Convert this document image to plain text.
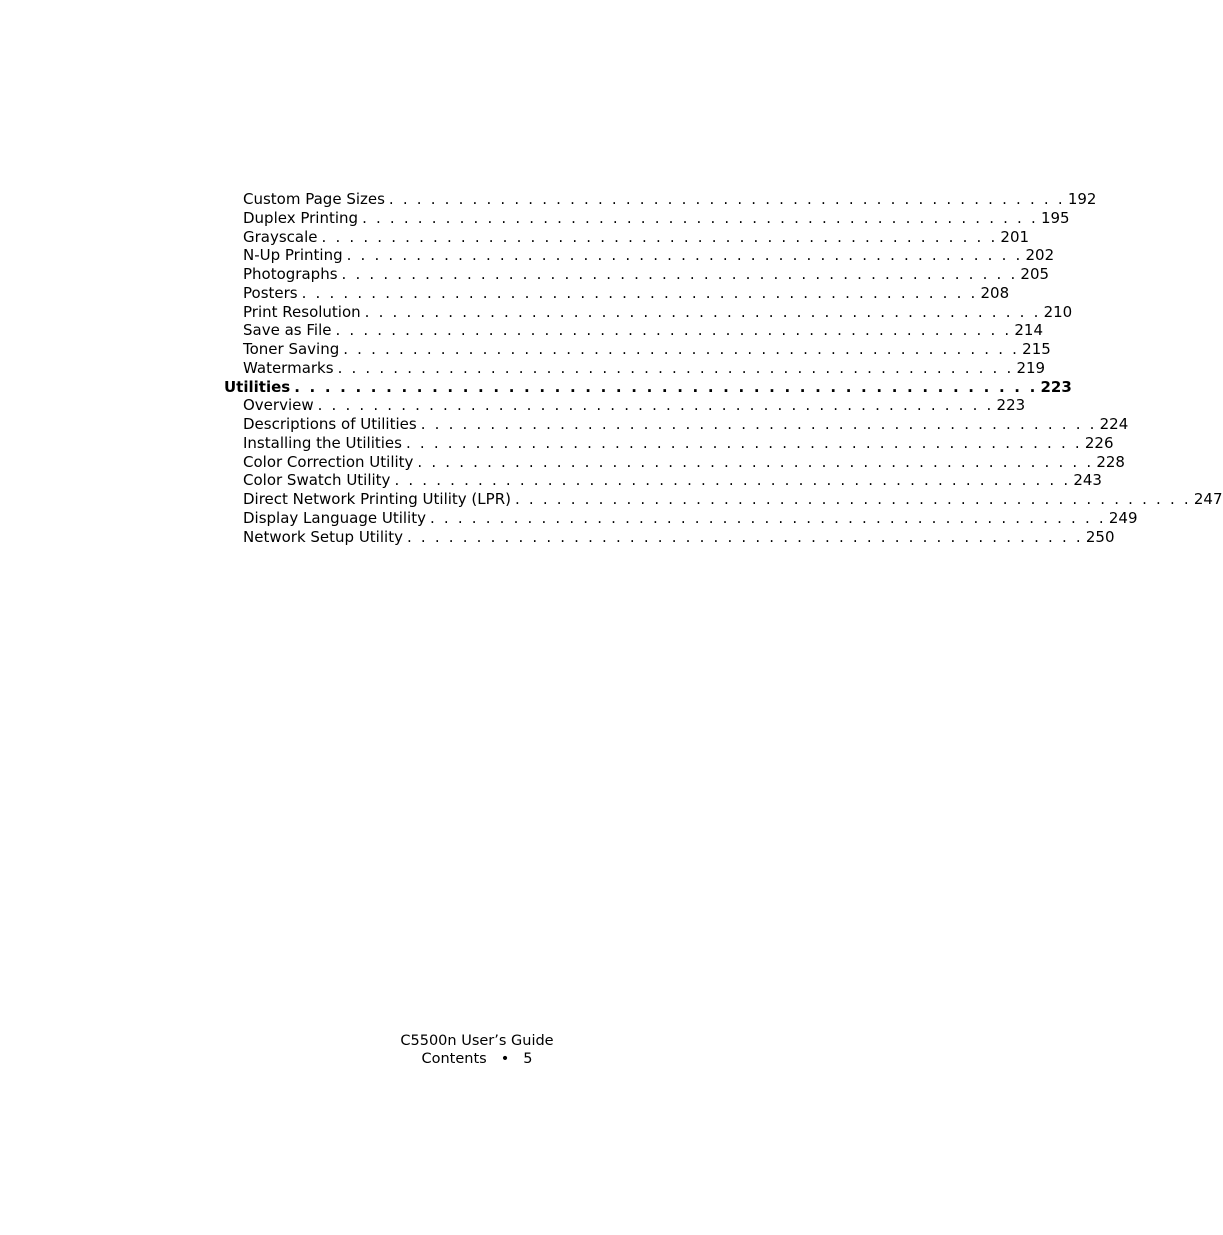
Custom Page Sizes . . . . . . . . . . . . . . . . . . . . . . . . . . . . . . . . . . . . . . . . . . . . . . . . . 192
Duplex Printing . . . . . . . . . . . . . . . . . . . . . . . . . . . . . . . . . . . . . . . . . . . . . . . . . 195
Grayscale . . . . . . . . . . . . . . . . . . . . . . . . . . . . . . . . . . . . . . . . . . . . . . . . . 201
N-Up Printing . . . . . . . . . . . . . . . . . . . . . . . . . . . . . . . . . . . . . . . . . . . . . . . . . 202
Photographs . . . . . . . . . . . . . . . . . . . . . . . . . . . . . . . . . . . . . . . . . . . . . . . . . 205
Posters . . . . . . . . . . . . . . . . . . . . . . . . . . . . . . . . . . . . . . . . . . . . . . . . . 208
Print Resolution . . . . . . . . . . . . . . . . . . . . . . . . . . . . . . . . . . . . . . . . . . . . . . . . . 210
Save as File . . . . . . . . . . . . . . . . . . . . . . . . . . . . . . . . . . . . . . . . . . . . . . . . . 214
Toner Saving . . . . . . . . . . . . . . . . . . . . . . . . . . . . . . . . . . . . . . . . . . . . . . . . . 215
Watermarks . . . . . . . . . . . . . . . . . . . . . . . . . . . . . . . . . . . . . . . . . . . . . . . . . 219
Utilities . . . . . . . . . . . . . . . . . . . . . . . . . . . . . . . . . . . . . . . . . . . . . . . . . 223
Overview . . . . . . . . . . . . . . . . . . . . . . . . . . . . . . . . . . . . . . . . . . . . . . . . . 223
Descriptions of Utilities . . . . . . . . . . . . . . . . . . . . . . . . . . . . . . . . . . . . . . . . . . . . . . . . . 224
Installing the Utilities . . . . . . . . . . . . . . . . . . . . . . . . . . . . . . . . . . . . . . . . . . . . . . . . . 226
Color Correction Utility . . . . . . . . . . . . . . . . . . . . . . . . . . . . . . . . . . . . . . . . . . . . . . . . . 228
Color Swatch Utility . . . . . . . . . . . . . . . . . . . . . . . . . . . . . . . . . . . . . . . . . . . . . . . . . 243
Direct Network Printing Utility (LPR) . . . . . . . . . . . . . . . . . . . . . . . . . . . . . . . . . . . . . . . . . . . . . . . . . 247
Display Language Utility . . . . . . . . . . . . . . . . . . . . . . . . . . . . . . . . . . . . . . . . . . . . . . . . . 249
Network Setup Utility . . . . . . . . . . . . . . . . . . . . . . . . . . . . . . . . . . . . . . . . . . . . . . . . . 250
C5500n User’s Guide
Contents • 5
